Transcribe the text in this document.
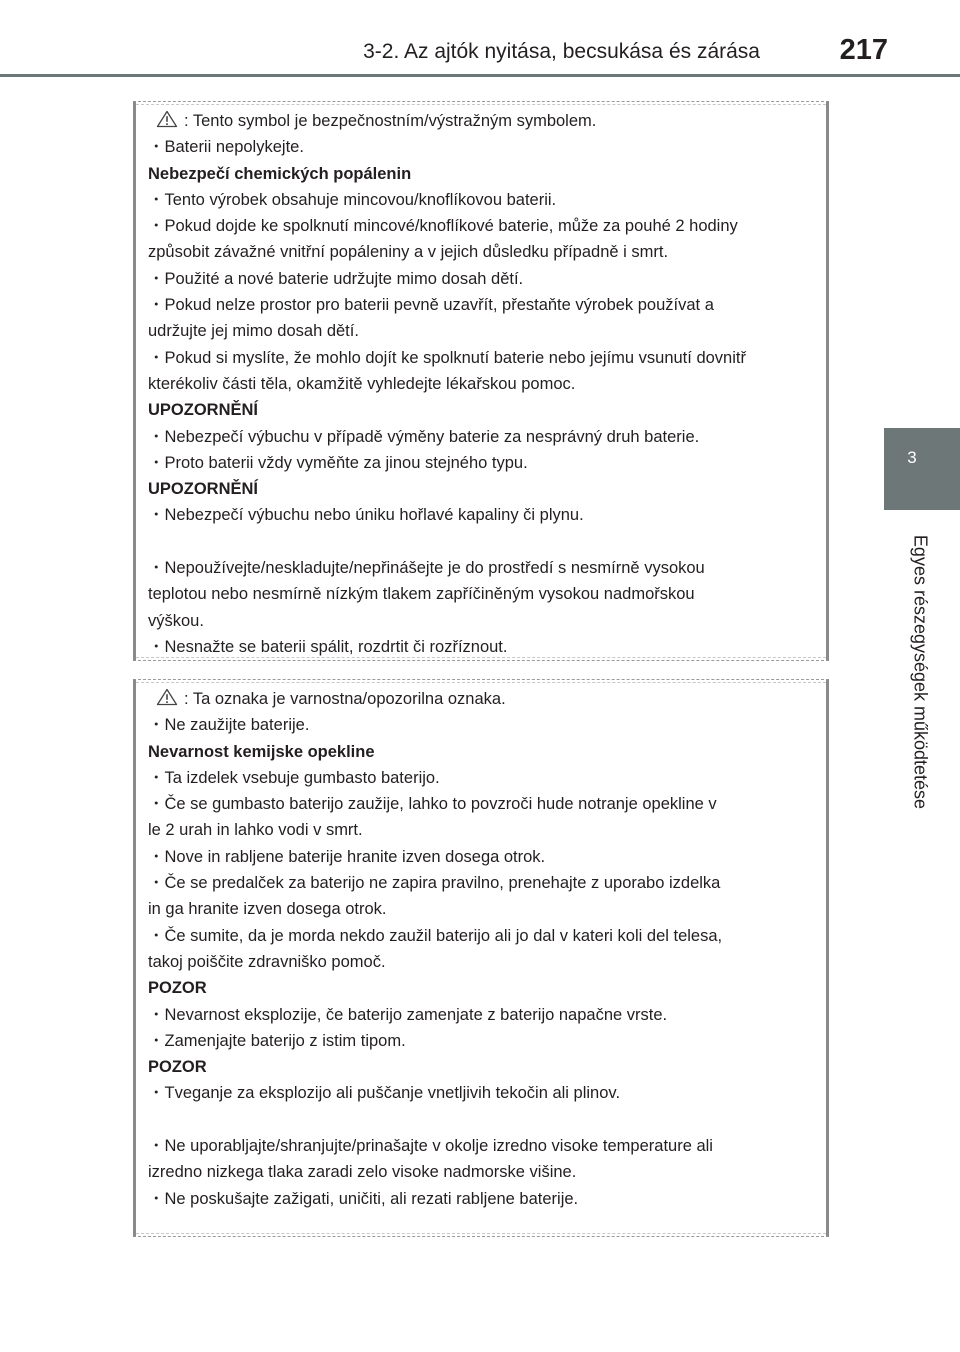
3-2. Az ajtók nyitása, becsukása és zárása	217
3
Egyes részegységek működtetése
: Tento symbol je bezpečnostním/výstražným symbolem.
・Baterii nepolykejte.
Nebezpečí chemických popálenin
・Tento výrobek obsahuje mincovou/knoflíkovou baterii.
・Pokud dojde ke spolknutí mincové/knoflíkové baterie, může za pouhé 2 hodiny
způsobit závažné vnitřní popáleniny a v jejich důsledku případně i smrt.
・Použité a nové baterie udržujte mimo dosah dětí.
・Pokud nelze prostor pro baterii pevně uzavřít, přestaňte výrobek používat a
udržujte jej mimo dosah dětí.
・Pokud si myslíte, že mohlo dojít ke spolknutí baterie nebo jejímu vsunutí dovnitř
kterékoliv části těla, okamžitě vyhledejte lékařskou pomoc.
UPOZORNĚNÍ
・Nebezpečí výbuchu v případě výměny baterie za nesprávný druh baterie.
・Proto baterii vždy vyměňte za jinou stejného typu.
UPOZORNĚNÍ
・Nebezpečí výbuchu nebo úniku hořlavé kapaliny či plynu.
・Nepoužívejte/neskladujte/nepřinášejte je do prostředí s nesmírně vysokou
teplotou nebo nesmírně nízkým tlakem zapříčiněným vysokou nadmořskou
výškou.
・Nesnažte se baterii spálit, rozdrtit či rozříznout.
: Ta oznaka je varnostna/opozorilna oznaka.
・Ne zaužijte baterije.
Nevarnost kemijske opekline
・Ta izdelek vsebuje gumbasto baterijo.
・Če se gumbasto baterijo zaužije, lahko to povzroči hude notranje opekline v
le 2 urah in lahko vodi v smrt.
・Nove in rabljene baterije hranite izven dosega otrok.
・Če se predalček za baterijo ne zapira pravilno, prenehajte z uporabo izdelka
in ga hranite izven dosega otrok.
・Če sumite, da je morda nekdo zaužil baterijo ali jo dal v kateri koli del telesa,
takoj poiščite zdravniško pomoč.
POZOR
・Nevarnost eksplozije, če baterijo zamenjate z baterijo napačne vrste.
・Zamenjajte baterijo z istim tipom.
POZOR
・Tveganje za eksplozijo ali puščanje vnetljivih tekočin ali plinov.
・Ne uporabljajte/shranjujte/prinašajte v okolje izredno visoke temperature ali
izredno nizkega tlaka zaradi zelo visoke nadmorske višine.
・Ne poskušajte zažigati, uničiti, ali rezati rabljene baterije.
